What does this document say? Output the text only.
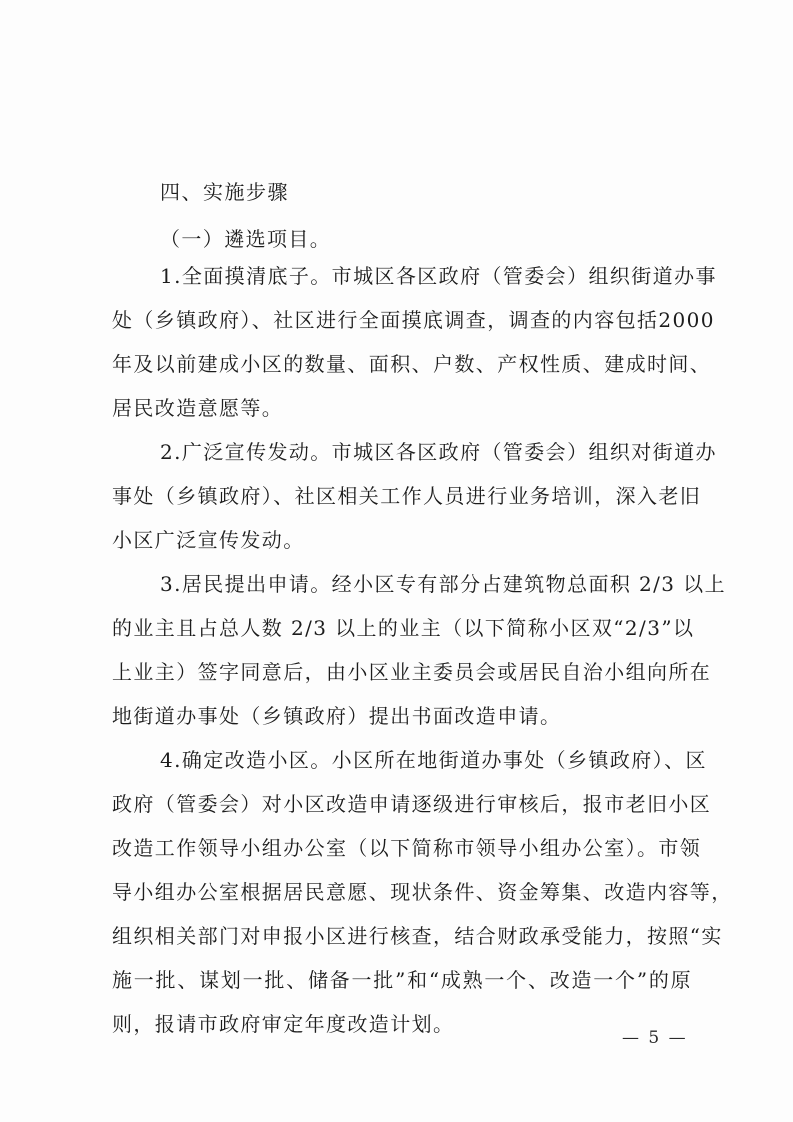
四、实施步骤
（一）遴选项目。
1.全面摸清底子。市城区各区政府（管委会）组织街道办事
处（乡镇政府）、社区进行全面摸底调查，调查的内容包括2000
年及以前建成小区的数量、面积、户数、产权性质、建成时间、
居民改造意愿等。
2.广泛宣传发动。市城区各区政府（管委会）组织对街道办
事处（乡镇政府）、社区相关工作人员进行业务培训，深入老旧
小区广泛宣传发动。
3.居民提出申请。经小区专有部分占建筑物总面积 2/3 以上
的业主且占总人数 2/3 以上的业主（以下简称小区双“2/3”以
上业主）签字同意后，由小区业主委员会或居民自治小组向所在
地街道办事处（乡镇政府）提出书面改造申请。
4.确定改造小区。小区所在地街道办事处（乡镇政府）、区
政府（管委会）对小区改造申请逐级进行审核后，报市老旧小区
改造工作领导小组办公室（以下简称市领导小组办公室）。市领
导小组办公室根据居民意愿、现状条件、资金筹集、改造内容等，
组织相关部门对申报小区进行核查，结合财政承受能力，按照“实
施一批、谋划一批、储备一批”和“成熟一个、改造一个”的原
则，报请市政府审定年度改造计划。
— 5 —
